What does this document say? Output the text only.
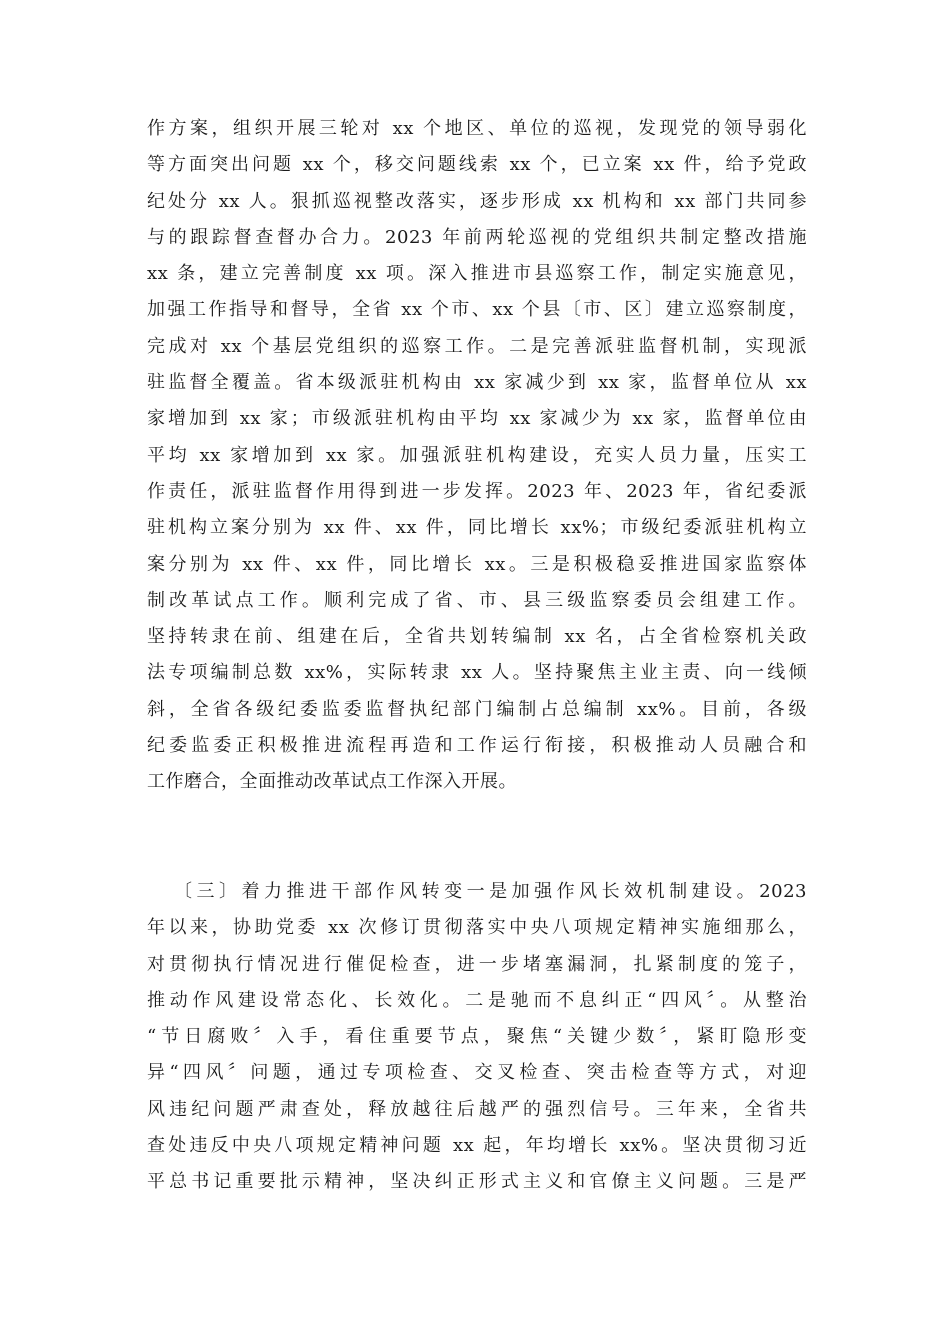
作方案，组织开展三轮对 xx 个地区、单位的巡视，发现党的领导弱化
等方面突出问题 xx 个，移交问题线索 xx 个，已立案 xx 件，给予党政
纪处分 xx 人。狠抓巡视整改落实，逐步形成 xx 机构和 xx 部门共同参
与的跟踪督查督办合力。2023 年前两轮巡视的党组织共制定整改措施
xx 条，建立完善制度 xx 项。深入推进市县巡察工作，制定实施意见，
加强工作指导和督导，全省 xx 个市、xx 个县〔市、区〕建立巡察制度，
完成对 xx 个基层党组织的巡察工作。二是完善派驻监督机制，实现派
驻监督全覆盖。省本级派驻机构由 xx 家减少到 xx 家，监督单位从 xx
家增加到 xx 家；市级派驻机构由平均 xx 家减少为 xx 家，监督单位由
平均 xx 家增加到 xx 家。加强派驻机构建设，充实人员力量，压实工
作责任，派驻监督作用得到进一步发挥。2023 年、2023 年，省纪委派
驻机构立案分别为 xx 件、xx 件，同比增长 xx%；市级纪委派驻机构立
案分别为 xx 件、xx 件，同比增长 xx。三是积极稳妥推进国家监察体
制改革试点工作。顺利完成了省、市、县三级监察委员会组建工作。
坚持转隶在前、组建在后，全省共划转编制 xx 名，占全省检察机关政
法专项编制总数 xx%，实际转隶 xx 人。坚持聚焦主业主责、向一线倾
斜，全省各级纪委监委监督执纪部门编制占总编制 xx%。目前，各级
纪委监委正积极推进流程再造和工作运行衔接，积极推动人员融合和
工作磨合，全面推动改革试点工作深入开展。
〔三〕着力推进干部作风转变一是加强作风长效机制建设。2023
年以来，协助党委 xx 次修订贯彻落实中央八项规定精神实施细那么，
对贯彻执行情况进行催促检查，进一步堵塞漏洞，扎紧制度的笼子，
推动作风建设常态化、长效化。二是驰而不息纠正“四风〞。从整治
“节日腐败〞入手，看住重要节点，聚焦“关键少数〞，紧盯隐形变
异“四风〞问题，通过专项检查、交叉检查、突击检查等方式，对迎
风违纪问题严肃查处，释放越往后越严的强烈信号。三年来，全省共
查处违反中央八项规定精神问题 xx 起，年均增长 xx%。坚决贯彻习近
平总书记重要批示精神，坚决纠正形式主义和官僚主义问题。三是严
